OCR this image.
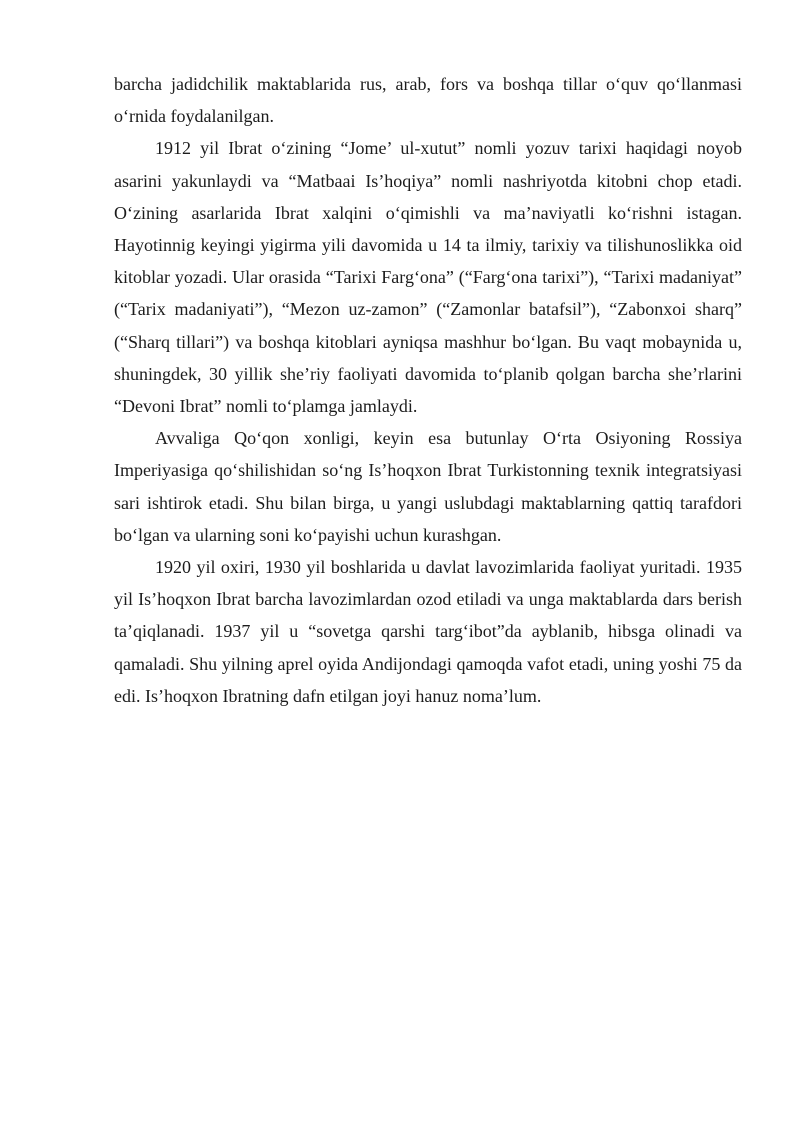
barcha jadidchilik maktablarida rus, arab, fors va boshqa tillar o‘quv qo‘llanmasi o‘rnida foydalanilgan.

1912 yil Ibrat o‘zining “Jome’ ul-xutut” nomli yozuv tarixi haqidagi noyob asarini yakunlaydi va “Matbaai Is’hoqiya” nomli nashriyotda kitobni chop etadi. O‘zining asarlarida Ibrat xalqini o‘qimishli va ma’naviyatli ko‘rishni istagan. Hayotinnig keyingi yigirma yili davomida u 14 ta ilmiy, tarixiy va tilishunoslikka oid kitoblar yozadi. Ular orasida “Tarixi Farg‘ona” (“Farg‘ona tarixi”), “Tarixi madaniyat” (“Tarix madaniyati”), “Mezon uz-zamon” (“Zamonlar batafsil”), “Zabonxoi sharq” (“Sharq tillari”) va boshqa kitoblari ayniqsa mashhur bo‘lgan. Bu vaqt mobaynida u, shuningdek, 30 yillik she’riy faoliyati davomida to‘planib qolgan barcha she’rlarini “Devoni Ibrat” nomli to‘plamga jamlaydi.

Avvaliga Qo‘qon xonligi, keyin esa butunlay O‘rta Osiyoning Rossiya Imperiyasiga qo‘shilishidan so‘ng Is’hoqxon Ibrat Turkistonning texnik integratsiyasi sari ishtirok etadi. Shu bilan birga, u yangi uslubdagi maktablarning qattiq tarafdori bo‘lgan va ularning soni ko‘payishi uchun kurashgan.

1920 yil oxiri, 1930 yil boshlarida u davlat lavozimlarida faoliyat yuritadi. 1935 yil Is’hoqxon Ibrat barcha lavozimlardan ozod etiladi va unga maktablarda dars berish ta’qiqlanadi. 1937 yil u “sovetga qarshi targ‘ibot”da ayblanib, hibsga olinadi va qamaladi. Shu yilning aprel oyida Andijondagi qamoqda vafot etadi, uning yoshi 75 da edi. Is’hoqxon Ibratning dafn etilgan joyi hanuz noma’lum.
